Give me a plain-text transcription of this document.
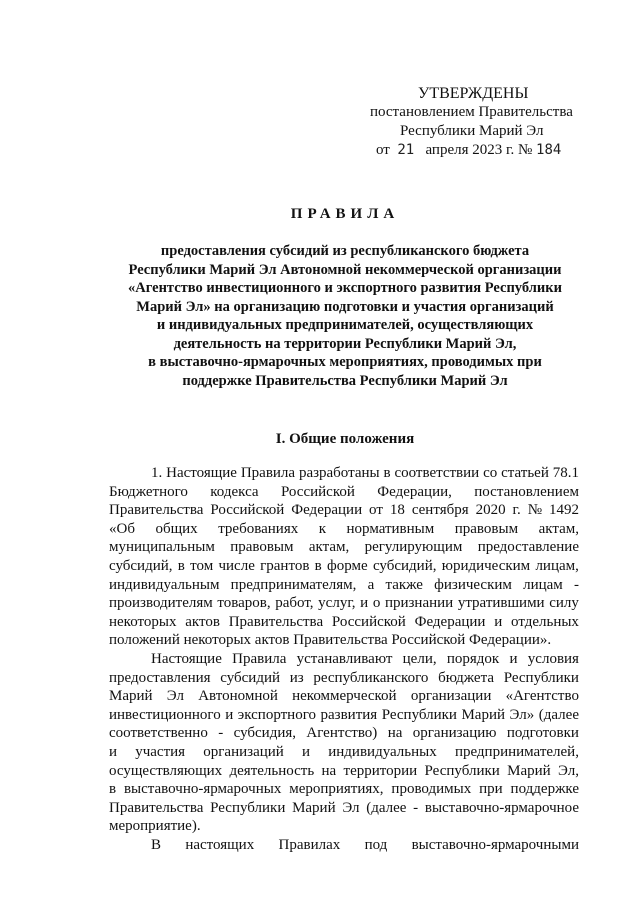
УТВЕРЖДЕНЫ
постановлением Правительства
Республики Марий Эл
от 21 апреля 2023 г. № 184
ПРАВИЛА
предоставления субсидий из республиканского бюджета
Республики Марий Эл Автономной некоммерческой организации
«Агентство инвестиционного и экспортного развития Республики
Марий Эл» на организацию подготовки и участия организаций
и индивидуальных предпринимателей, осуществляющих
деятельность на территории Республики Марий Эл,
в выставочно-ярмарочных мероприятиях, проводимых при
поддержке Правительства Республики Марий Эл
I. Общие положения
1. Настоящие Правила разработаны в соответствии со статьей 78.1
Бюджетного кодекса Российской Федерации, постановлением
Правительства Российской Федерации от 18 сентября 2020 г. № 1492
«Об общих требованиях к нормативным правовым актам,
муниципальным правовым актам, регулирующим предоставление
субсидий, в том числе грантов в форме субсидий, юридическим лицам,
индивидуальным предпринимателям, а также физическим лицам -
производителям товаров, работ, услуг, и о признании утратившими силу
некоторых актов Правительства Российской Федерации и отдельных
положений некоторых актов Правительства Российской Федерации».
Настоящие Правила устанавливают цели, порядок и условия
предоставления субсидий из республиканского бюджета Республики
Марий Эл Автономной некоммерческой организации «Агентство
инвестиционного и экспортного развития Республики Марий Эл» (далее
соответственно - субсидия, Агентство) на организацию подготовки
и участия организаций и индивидуальных предпринимателей,
осуществляющих деятельность на территории Республики Марий Эл,
в выставочно-ярмарочных мероприятиях, проводимых при поддержке
Правительства Республики Марий Эл (далее - выставочно-ярмарочное
мероприятие).
В настоящих Правилах под выставочно-ярмарочными
